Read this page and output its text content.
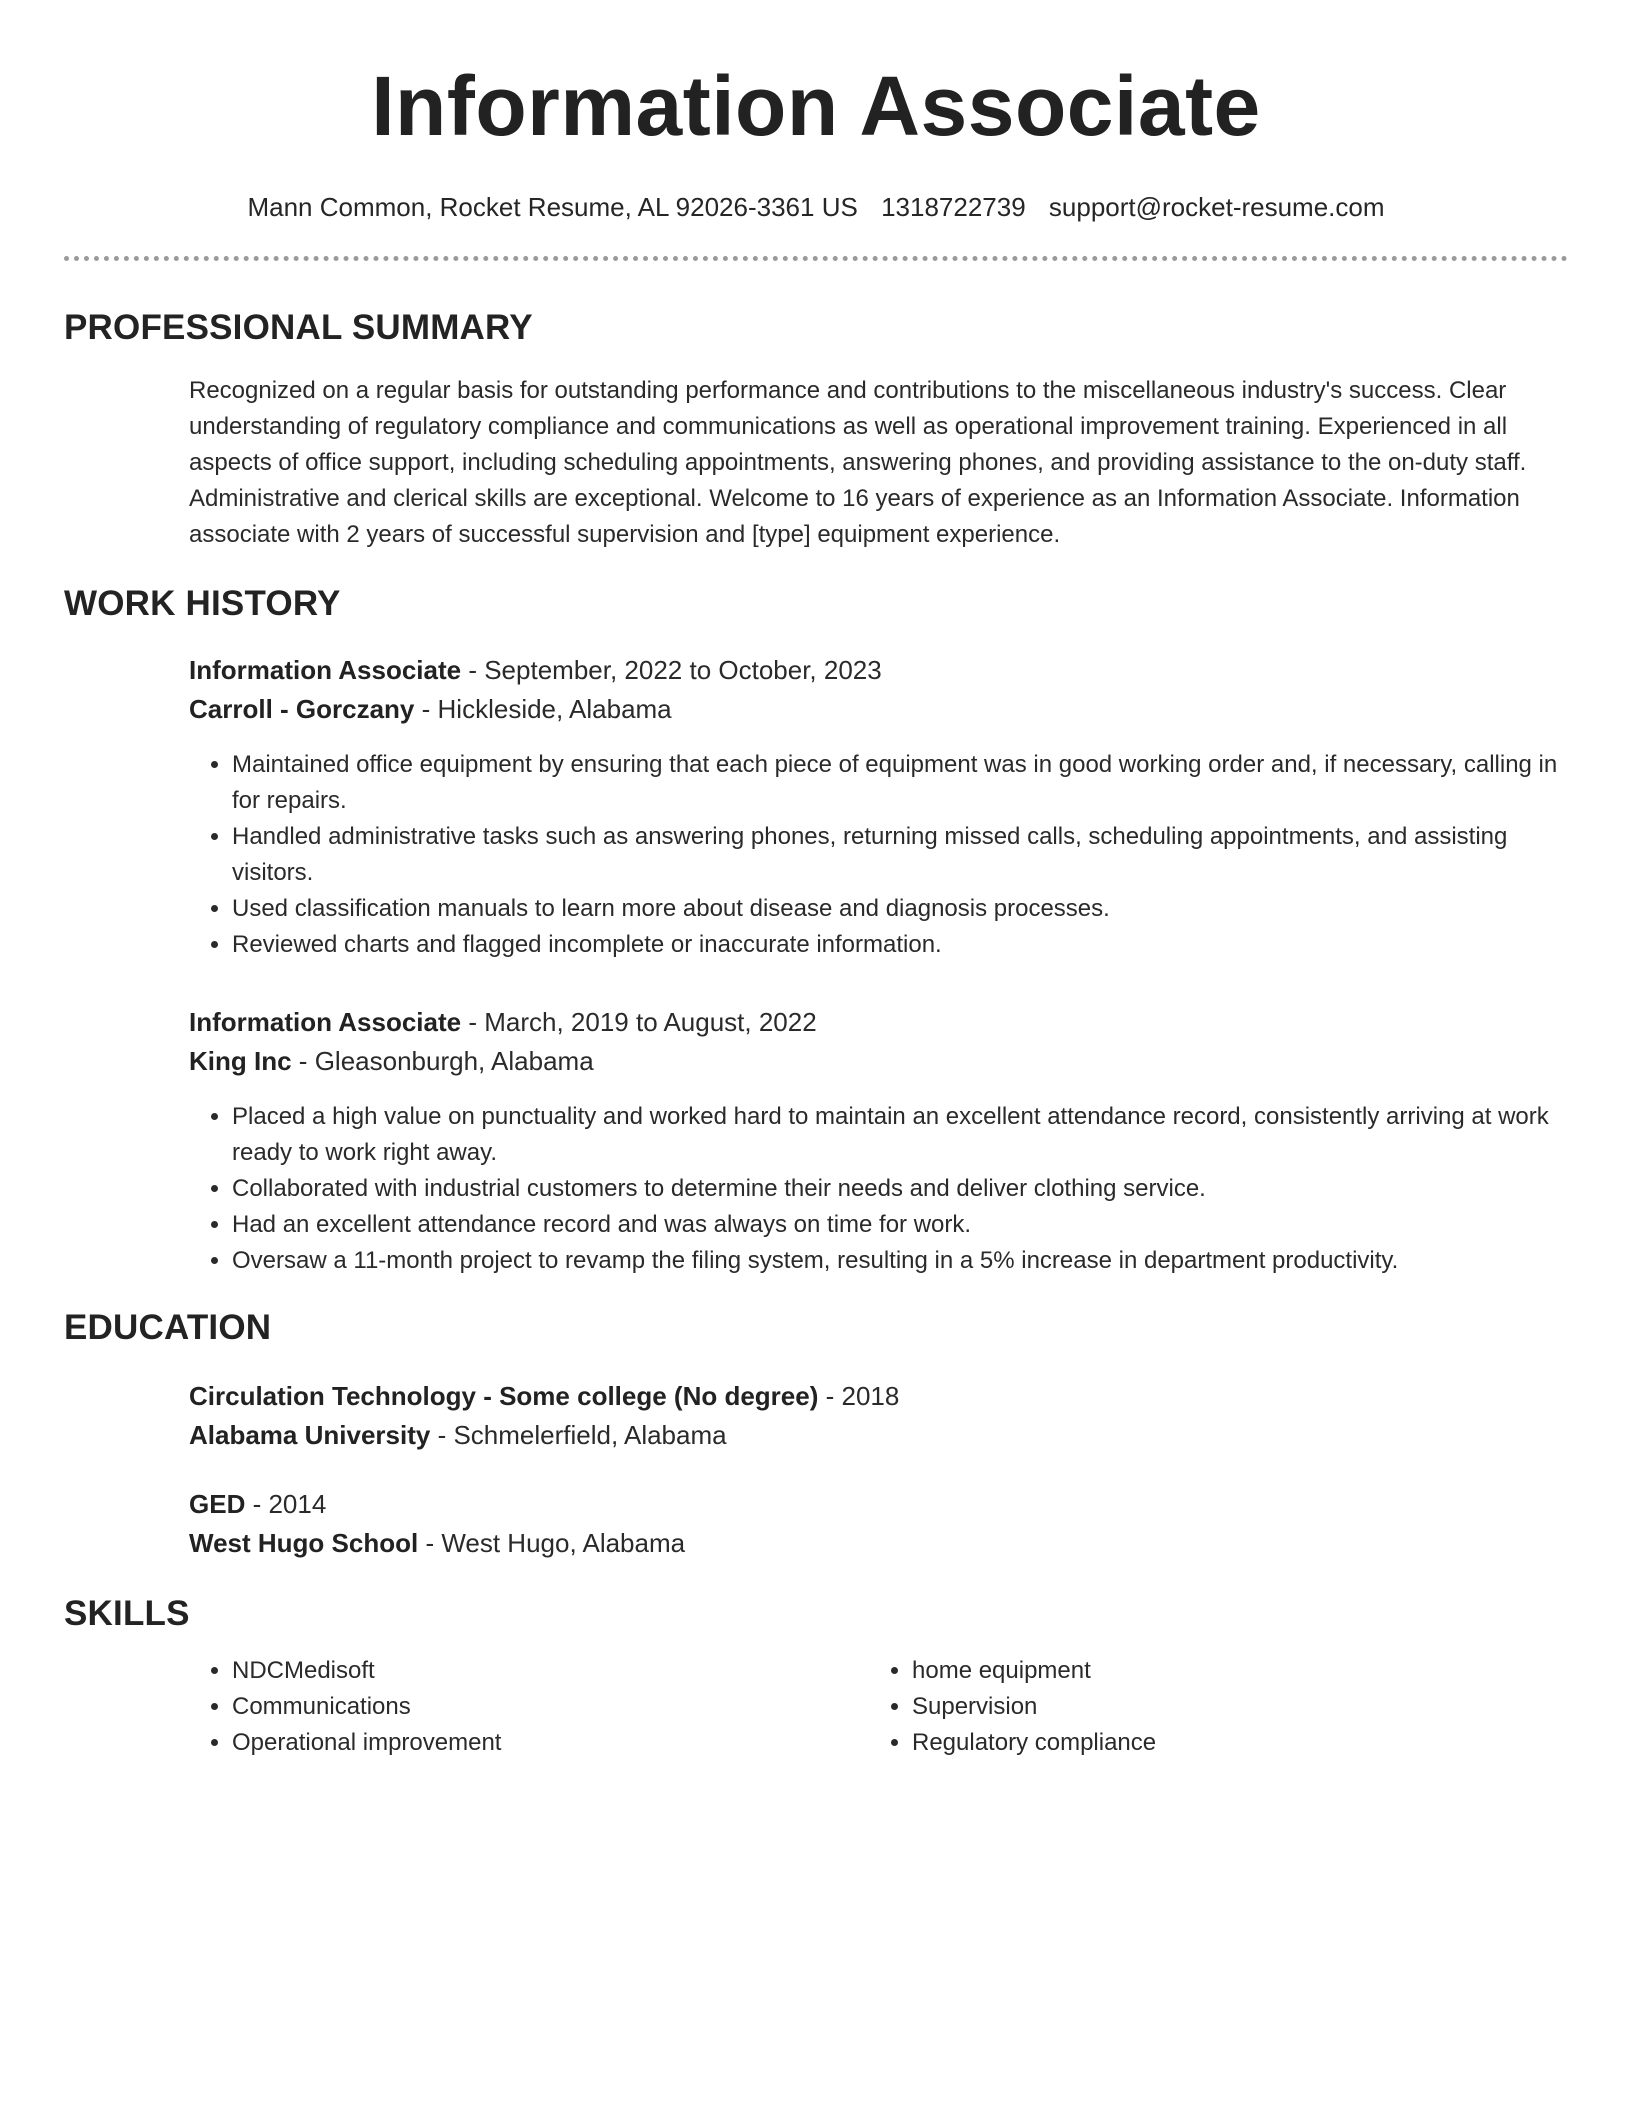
Information Associate
Mann Common, Rocket Resume, AL 92026-3361 US 1318722739 support@rocket-resume.com
PROFESSIONAL SUMMARY

Recognized on a regular basis for outstanding performance and contributions to the miscellaneous industry's success. Clear understanding of regulatory compliance and communications as well as operational improvement training. Experienced in all aspects of office support, including scheduling appointments, answering phones, and providing assistance to the on-duty staff. Administrative and clerical skills are exceptional. Welcome to 16 years of experience as an Information Associate. Information associate with 2 years of successful supervision and [type] equipment experience.

WORK HISTORY
Information Associate - September, 2022 to October, 2023
Carroll - Gorczany - Hickleside, Alabama
• Maintained office equipment by ensuring that each piece of equipment was in good working order and, if necessary, calling in for repairs.
• Handled administrative tasks such as answering phones, returning missed calls, scheduling appointments, and assisting visitors.
• Used classification manuals to learn more about disease and diagnosis processes.
• Reviewed charts and flagged incomplete or inaccurate information.
Information Associate - March, 2019 to August, 2022
King Inc - Gleasonburgh, Alabama
• Placed a high value on punctuality and worked hard to maintain an excellent attendance record, consistently arriving at work ready to work right away.
• Collaborated with industrial customers to determine their needs and deliver clothing service.
• Had an excellent attendance record and was always on time for work.
• Oversaw a 11-month project to revamp the filing system, resulting in a 5% increase in department productivity.
EDUCATION
Circulation Technology - Some college (No degree) - 2018
Alabama University - Schmelerfield, Alabama
GED - 2014
West Hugo School - West Hugo, Alabama
SKILLS
• NDCMedisoft
• Communications
• Operational improvement
• home equipment
• Supervision
• Regulatory compliance
